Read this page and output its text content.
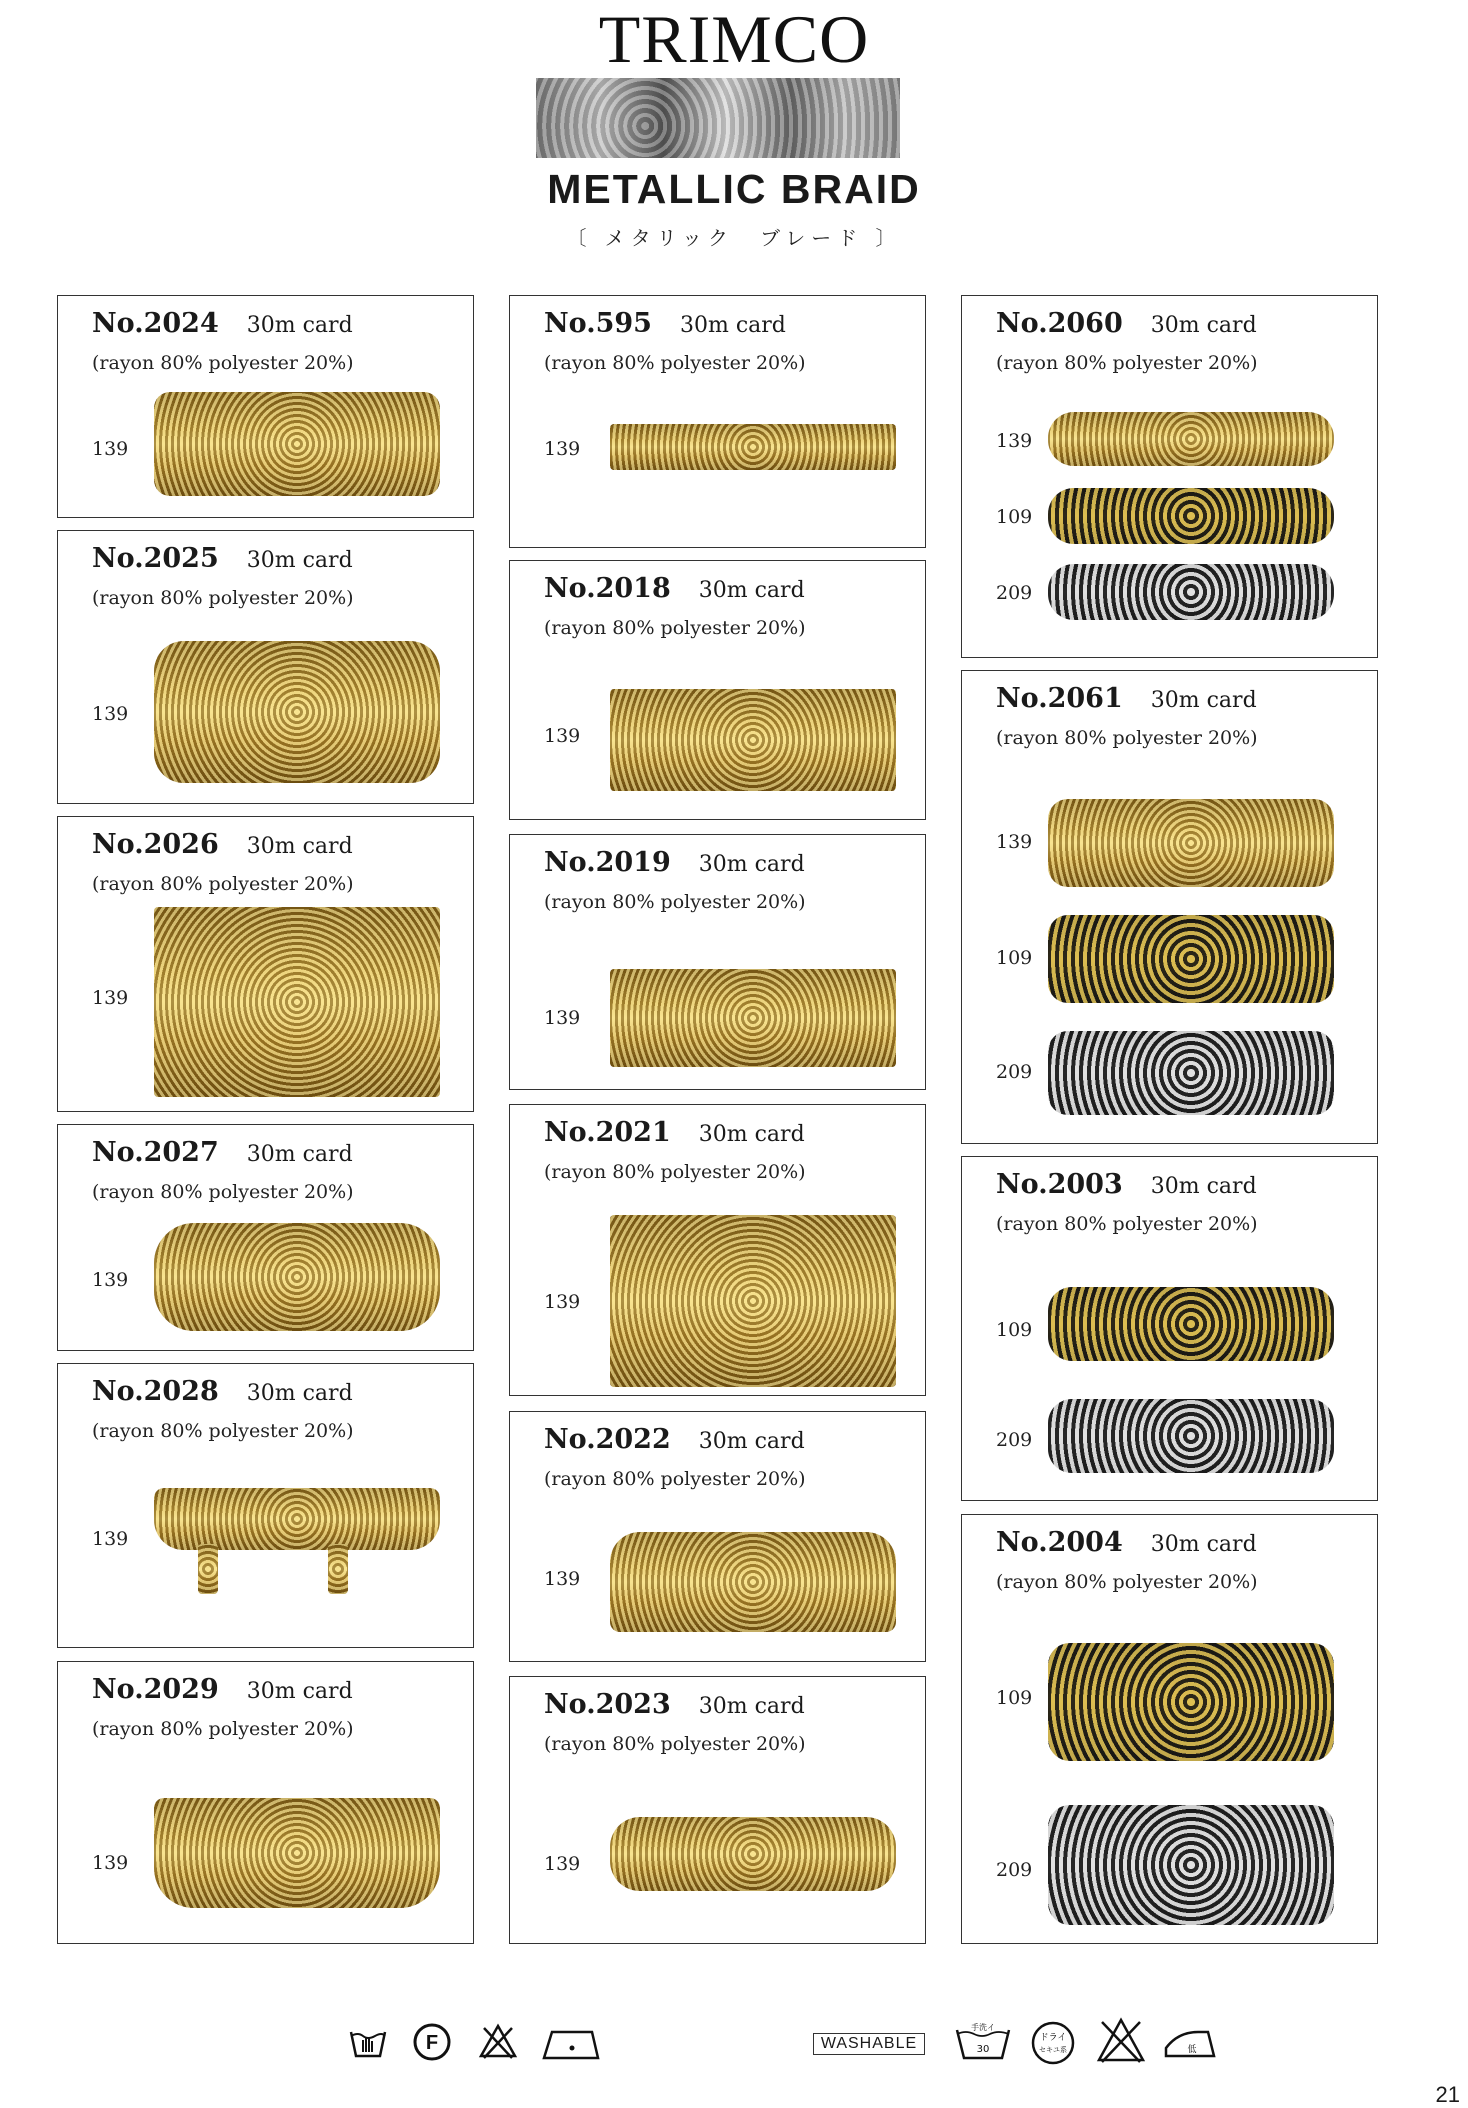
TRIMCO
METALLIC BRAID
〔 メタリック　ブレード 〕
No.2024 30m card
(rayon 80% polyester 20%)
139
No.2025 30m card
(rayon 80% polyester 20%)
139
No.2026 30m card
(rayon 80% polyester 20%)
139
No.2027 30m card
(rayon 80% polyester 20%)
139
No.2028 30m card
(rayon 80% polyester 20%)
139
No.2029 30m card
(rayon 80% polyester 20%)
139
No.595 30m card
(rayon 80% polyester 20%)
139
No.2018 30m card
(rayon 80% polyester 20%)
139
No.2019 30m card
(rayon 80% polyester 20%)
139
No.2021 30m card
(rayon 80% polyester 20%)
139
No.2022 30m card
(rayon 80% polyester 20%)
139
No.2023 30m card
(rayon 80% polyester 20%)
139
No.2060 30m card
(rayon 80% polyester 20%)
139
109
209
No.2061 30m card
(rayon 80% polyester 20%)
139
109
209
No.2003 30m card
(rayon 80% polyester 20%)
109
209
No.2004 30m card
(rayon 80% polyester 20%)
109
209
F	WASHABLE
手洗イ
30
ドライ
セキユ系	低
21
